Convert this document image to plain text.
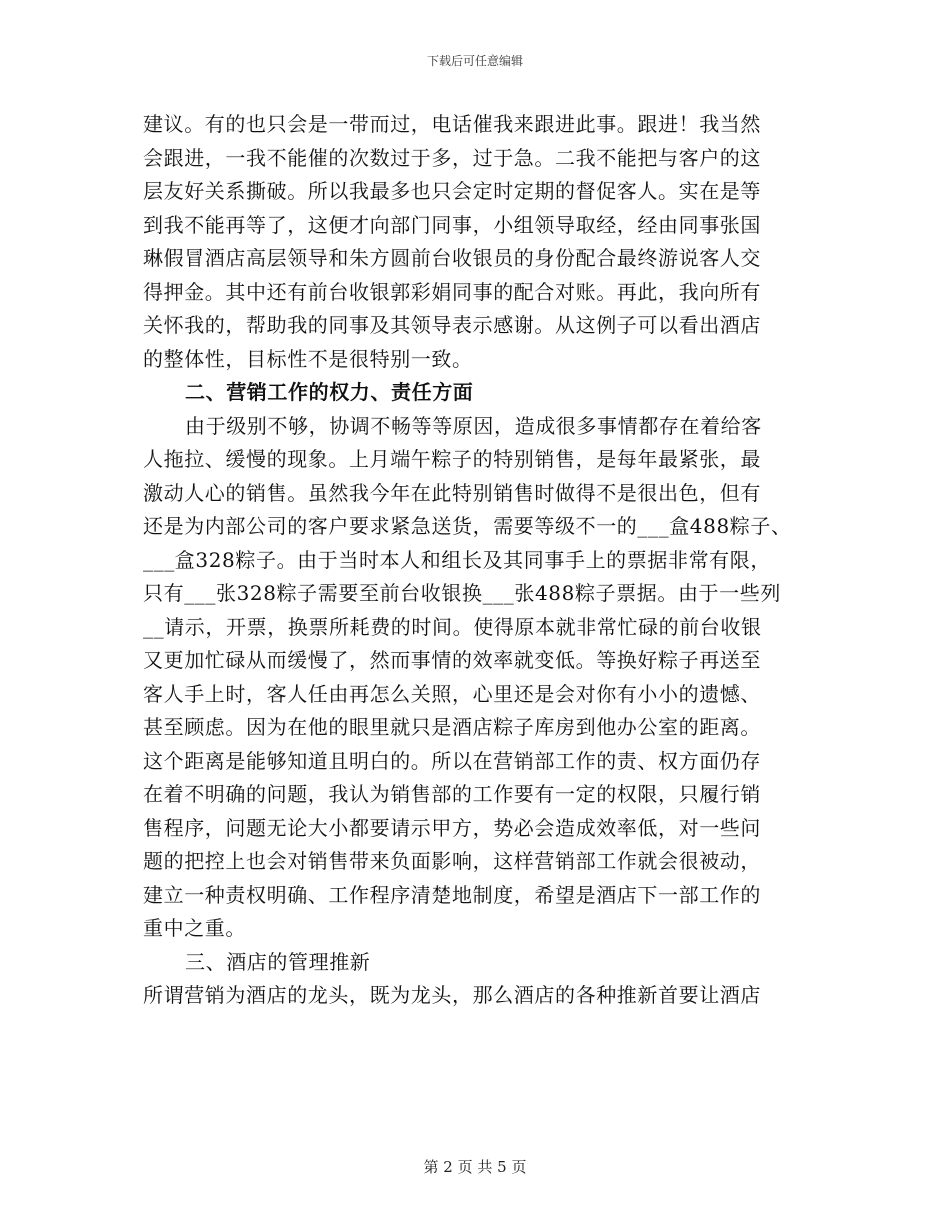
下载后可任意编辑
建议。有的也只会是一带而过，电话催我来跟进此事。跟进！我当然
会跟进，一我不能催的次数过于多，过于急。二我不能把与客户的这
层友好关系撕破。所以我最多也只会定时定期的督促客人。实在是等
到我不能再等了，这便才向部门同事，小组领导取经，经由同事张国
琳假冒酒店高层领导和朱方圆前台收银员的身份配合最终游说客人交
得押金。其中还有前台收银郭彩娟同事的配合对账。再此，我向所有
关怀我的，帮助我的同事及其领导表示感谢。从这例子可以看出酒店
的整体性，目标性不是很特别一致。
二、营销工作的权力、责任方面
由于级别不够，协调不畅等等原因，造成很多事情都存在着给客
人拖拉、缓慢的现象。上月端午粽子的特别销售，是每年最紧张，最
激动人心的销售。虽然我今年在此特别销售时做得不是很出色，但有
还是为内部公司的客户要求紧急送货，需要等级不一的___盒488粽子、
___盒328粽子。由于当时本人和组长及其同事手上的票据非常有限，
只有___张328粽子需要至前台收银换___张488粽子票据。由于一些列
__请示，开票，换票所耗费的时间。使得原本就非常忙碌的前台收银
又更加忙碌从而缓慢了，然而事情的效率就变低。等换好粽子再送至
客人手上时，客人任由再怎么关照，心里还是会对你有小小的遗憾、
甚至顾虑。因为在他的眼里就只是酒店粽子库房到他办公室的距离。
这个距离是能够知道且明白的。所以在营销部工作的责、权方面仍存
在着不明确的问题，我认为销售部的工作要有一定的权限，只履行销
售程序，问题无论大小都要请示甲方，势必会造成效率低，对一些问
题的把控上也会对销售带来负面影响，这样营销部工作就会很被动，
建立一种责权明确、工作程序清楚地制度，希望是酒店下一部工作的
重中之重。
三、酒店的管理推新
所谓营销为酒店的龙头，既为龙头，那么酒店的各种推新首要让酒店
第 2 页 共 5 页
